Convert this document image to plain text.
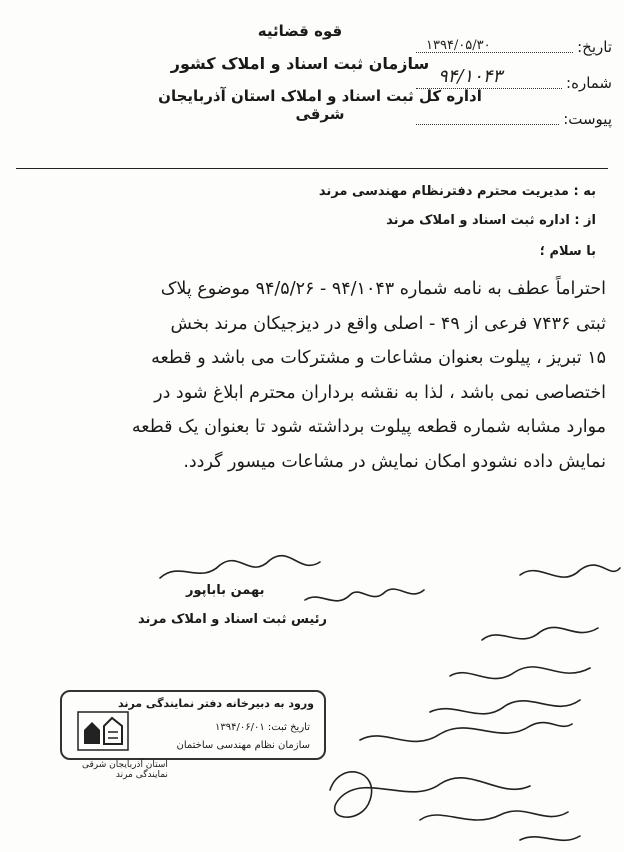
قوه قضائیه
سازمان ثبت اسناد و املاک کشور
اداره کل ثبت اسناد و املاک استان آذربایجان شرقی
تاریخ:
شماره:
پیوست:
۱۳۹۴/۰۵/۳۰
۹۴/۱۰۴۳
به : مدیریت محترم دفترنظام مهندسی مرند
از : اداره ثبت اسناد و املاک مرند
با سلام ؛

احتراماً عطف به نامه شماره ۹۴/۱۰۴۳ - ۹۴/۵/۲۶ موضوع پلاک

ثبتی ۷۴۳۶ فرعی از ۴۹ - اصلی واقع در دیزجیکان مرند بخش

۱۵ تبریز ، پیلوت بعنوان مشاعات و مشترکات می باشد و قطعه

اختصاصی نمی باشد ، لذا به نقشه برداران محترم ابلاغ شود در

موارد مشابه شماره قطعه پیلوت برداشته شود تا بعنوان یک قطعه

نمایش داده نشودو امکان نمایش در مشاعات میسور گردد.

بهمن باباپور
رئیس ثبت اسناد و املاک مرند
ورود به دبیرخانه دفتر نمایندگی مرند
تاریخ ثبت: ۱۳۹۴/۰۶/۰۱
سازمان نظام مهندسی ساختمان
استان آذربایجان شرقی
نمایندگی مرند
